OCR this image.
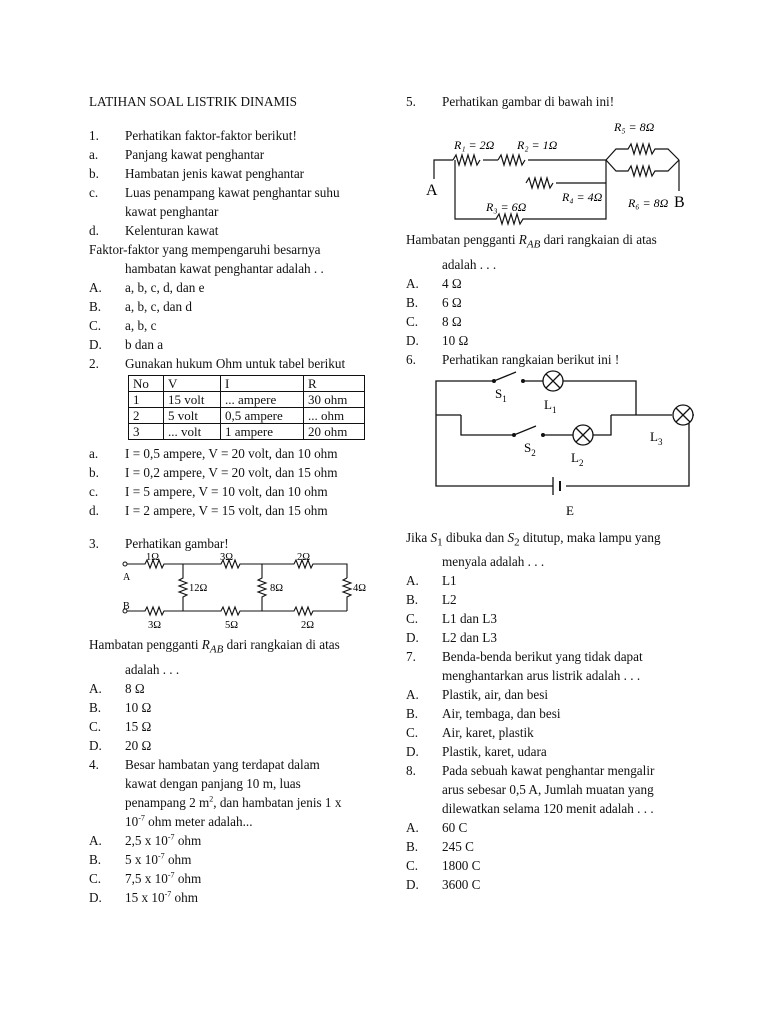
LATIHAN SOAL LISTRIK DINAMIS
1. Perhatikan faktor-faktor berikut!
a. Panjang kawat penghantar
b. Hambatan jenis kawat penghantar
c. Luas penampang kawat penghantar suhu
kawat penghantar
d. Kelenturan kawat
Faktor-faktor yang mempengaruhi besarnya
hambatan kawat penghantar adalah . .
A. a, b, c, d, dan e
B. a, b, c, dan d
C. a, b, c
D. b dan a
2. Gunakan hukum Ohm untuk tabel berikut
No	V	I	R
1	15 volt	... ampere	30 ohm
2	5 volt	0,5 ampere	... ohm
3	... volt	1 ampere	20 ohm
a. I = 0,5 ampere, V = 20 volt, dan 10 ohm
b. I = 0,2 ampere, V = 20 volt, dan 15 ohm
c. I = 5 ampere, V = 10 volt, dan 10 ohm
d. I = 2 ampere, V = 15 volt, dan 15 ohm
3. Perhatikan gambar!
A
B
1Ω	3Ω	2Ω
3Ω	5Ω	2Ω
12Ω	8Ω	4Ω
Hambatan pengganti $R_{AB}$ dari rangkaian di atas
adalah . . .
A. 8 Ω
B. 10 Ω
C. 15 Ω
D. 20 Ω
4. Besar hambatan yang terdapat dalam
kawat dengan panjang 10 m, luas
penampang 2 $m^2$, dan hambatan jenis 1 x
$10^{-7}$ ohm meter adalah...
A. 2,5 x $10^{-7}$ ohm
B. 5 x $10^{-7}$ ohm
C. 7,5 x $10^{-7}$ ohm
D. 15 x $10^{-7}$ ohm
5. Perhatikan gambar di bawah ini!
A
B
R₁ = 2Ω R₂ = 1Ω
R₅ = 8Ω
R₄ = 4Ω R₆ = 8Ω
R₃ = 6Ω
Hambatan pengganti $R_{AB}$ dari rangkaian di atas
adalah . . .
A. 4 Ω
B. 6 Ω
C. 8 Ω
D. 10 Ω
6. Perhatikan rangkaian berikut ini !
$S_1$	$L_1$
$S_2$	$L_2$
$L_3$
E
Jika $S_1$ dibuka dan $S_2$ ditutup, maka lampu yang
menyala adalah . . .
A. L1
B. L2
C. L1 dan L3
D. L2 dan L3
7. Benda-benda berikut yang tidak dapat
menghantarkan arus listrik adalah . . .
A. Plastik, air, dan besi
B. Air, tembaga, dan besi
C. Air, karet, plastik
D. Plastik, karet, udara
8. Pada sebuah kawat penghantar mengalir
arus sebesar 0,5 A, Jumlah muatan yang
dilewatkan selama 120 menit adalah . . .
A. 60 C
B. 245 C
C. 1800 C
D. 3600 C
